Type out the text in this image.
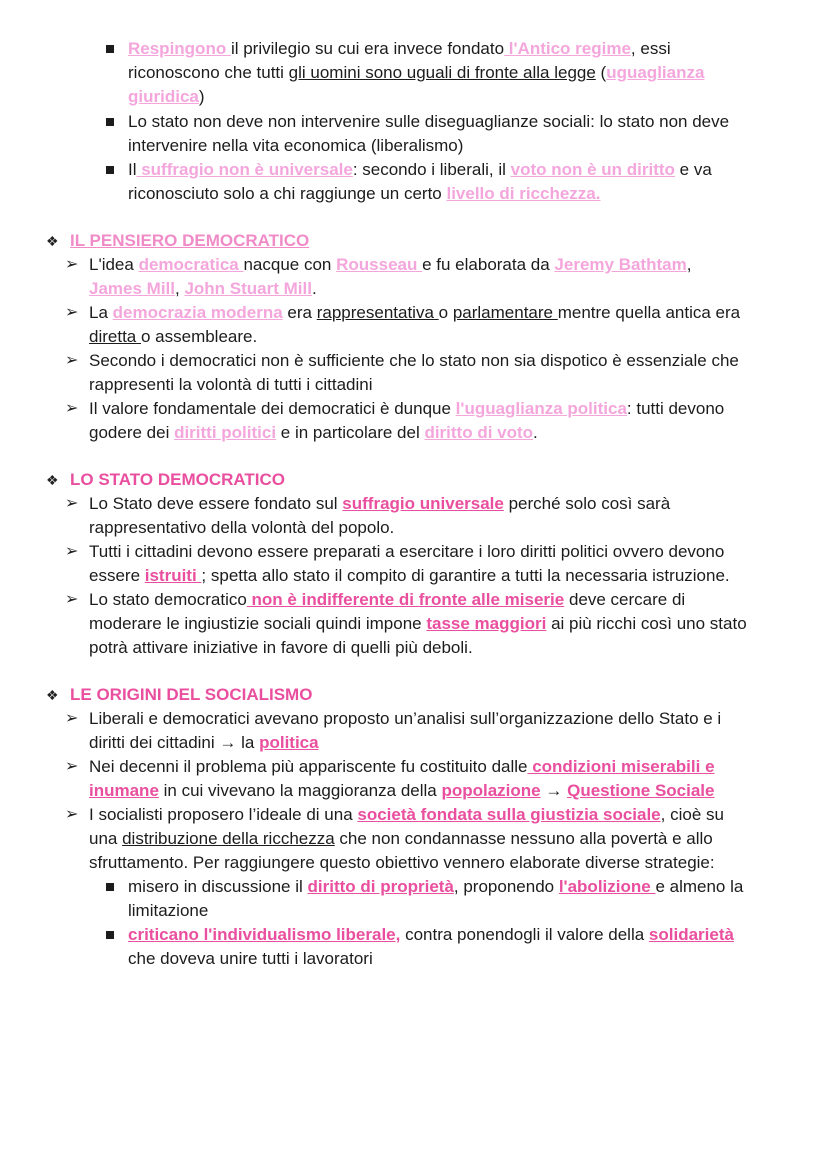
Respingono il privilegio su cui era invece fondato l'Antico regime, essi
riconoscono che tutti gli uomini sono uguali di fronte alla legge (uguaglianza
giuridica)
Lo stato non deve non intervenire sulle diseguaglianze sociali: lo stato non deve
intervenire nella vita economica (liberalismo)
Il suffragio non è universale: secondo i liberali, il voto non è un diritto e va
riconosciuto solo a chi raggiunge un certo livello di ricchezza.
❖ IL PENSIERO DEMOCRATICO
➢ L'idea democratica nacque con Rousseau e fu elaborata da Jeremy Bathtam,
James Mill, John Stuart Mill.
➢ La democrazia moderna era rappresentativa o parlamentare mentre quella antica era
diretta o assembleare.
➢ Secondo i democratici non è sufficiente che lo stato non sia dispotico è essenziale che
rappresenti la volontà di tutti i cittadini
➢ Il valore fondamentale dei democratici è dunque l'uguaglianza politica: tutti devono
godere dei diritti politici e in particolare del diritto di voto.
❖ LO STATO DEMOCRATICO
➢ Lo Stato deve essere fondato sul suffragio universale perché solo così sarà
rappresentativo della volontà del popolo.
➢ Tutti i cittadini devono essere preparati a esercitare i loro diritti politici ovvero devono
essere istruiti ; spetta allo stato il compito di garantire a tutti la necessaria istruzione.
➢ Lo stato democratico non è indifferente di fronte alle miserie deve cercare di
moderare le ingiustizie sociali quindi impone tasse maggiori ai più ricchi così uno stato
potrà attivare iniziative in favore di quelli più deboli.
❖ LE ORIGINI DEL SOCIALISMO
➢ Liberali e democratici avevano proposto un’analisi sull’organizzazione dello Stato e i
diritti dei cittadini → la politica
➢ Nei decenni il problema più appariscente fu costituito dalle condizioni miserabili e
inumane in cui vivevano la maggioranza della popolazione → Questione Sociale
➢ I socialisti proposero l’ideale di una società fondata sulla giustizia sociale, cioè su
una distribuzione della ricchezza che non condannasse nessuno alla povertà e allo
sfruttamento. Per raggiungere questo obiettivo vennero elaborate diverse strategie:
misero in discussione il diritto di proprietà, proponendo l'abolizione e almeno la
limitazione
criticano l'individualismo liberale, contra ponendogli il valore della solidarietà
che doveva unire tutti i lavoratori
